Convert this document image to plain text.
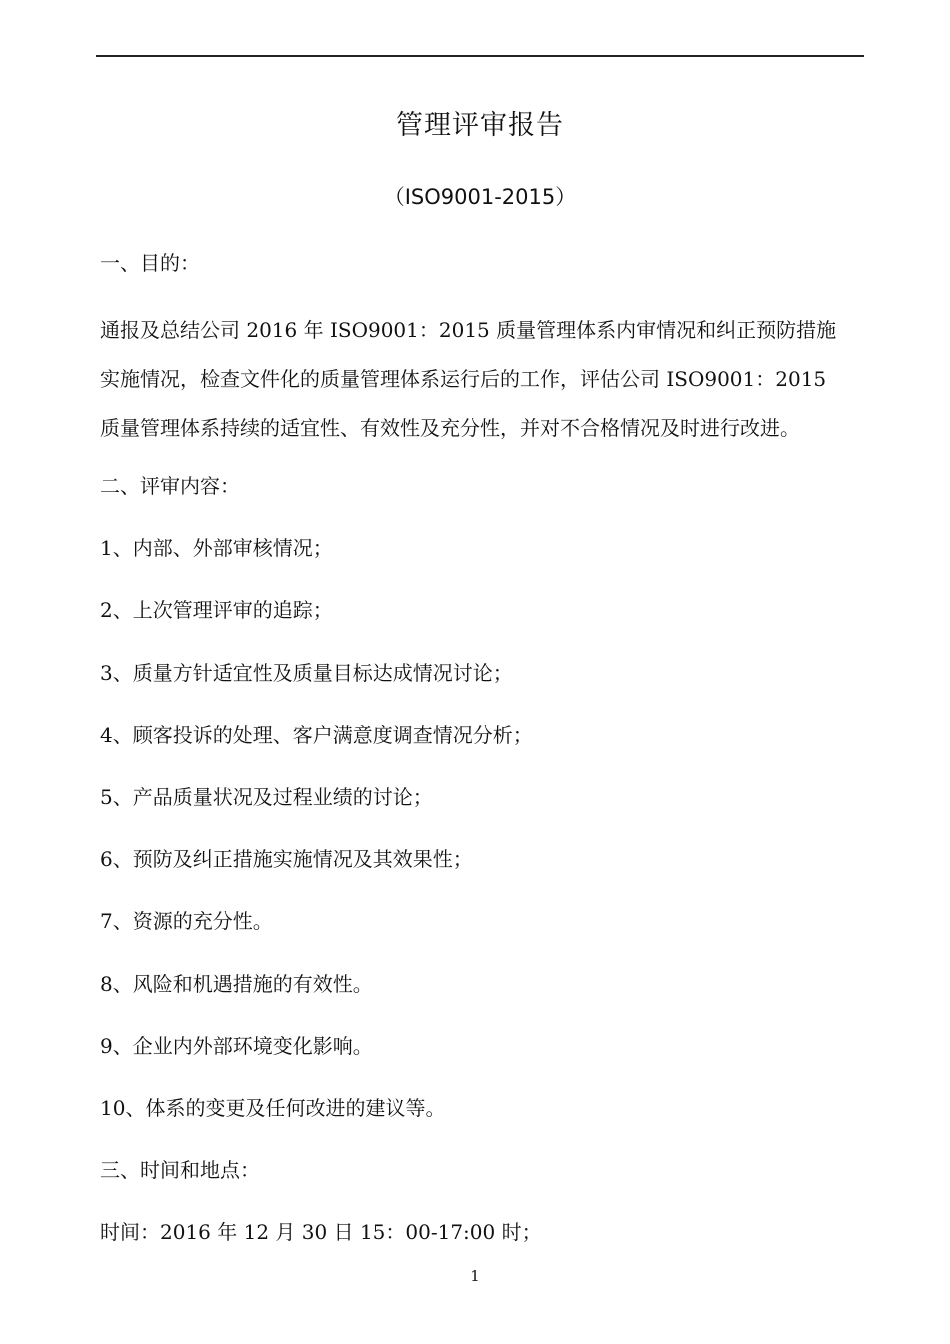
管理评审报告
（ISO9001-2015）
一、目的：
通报及总结公司 2016 年 ISO9001：2015 质量管理体系内审情况和纠正预防措施
实施情况，检查文件化的质量管理体系运行后的工作，评估公司 ISO9001：2015
质量管理体系持续的适宜性、有效性及充分性，并对不合格情况及时进行改进。
二、评审内容：
1、内部、外部审核情况；
2、上次管理评审的追踪；
3、质量方针适宜性及质量目标达成情况讨论；
4、顾客投诉的处理、客户满意度调查情况分析；
5、产品质量状况及过程业绩的讨论；
6、预防及纠正措施实施情况及其效果性；
7、资源的充分性。
8、风险和机遇措施的有效性。
9、企业内外部环境变化影响。
10、体系的变更及任何改进的建议等。
三、时间和地点：
时间：2016 年 12 月 30 日 15：00-17:00 时；
1
